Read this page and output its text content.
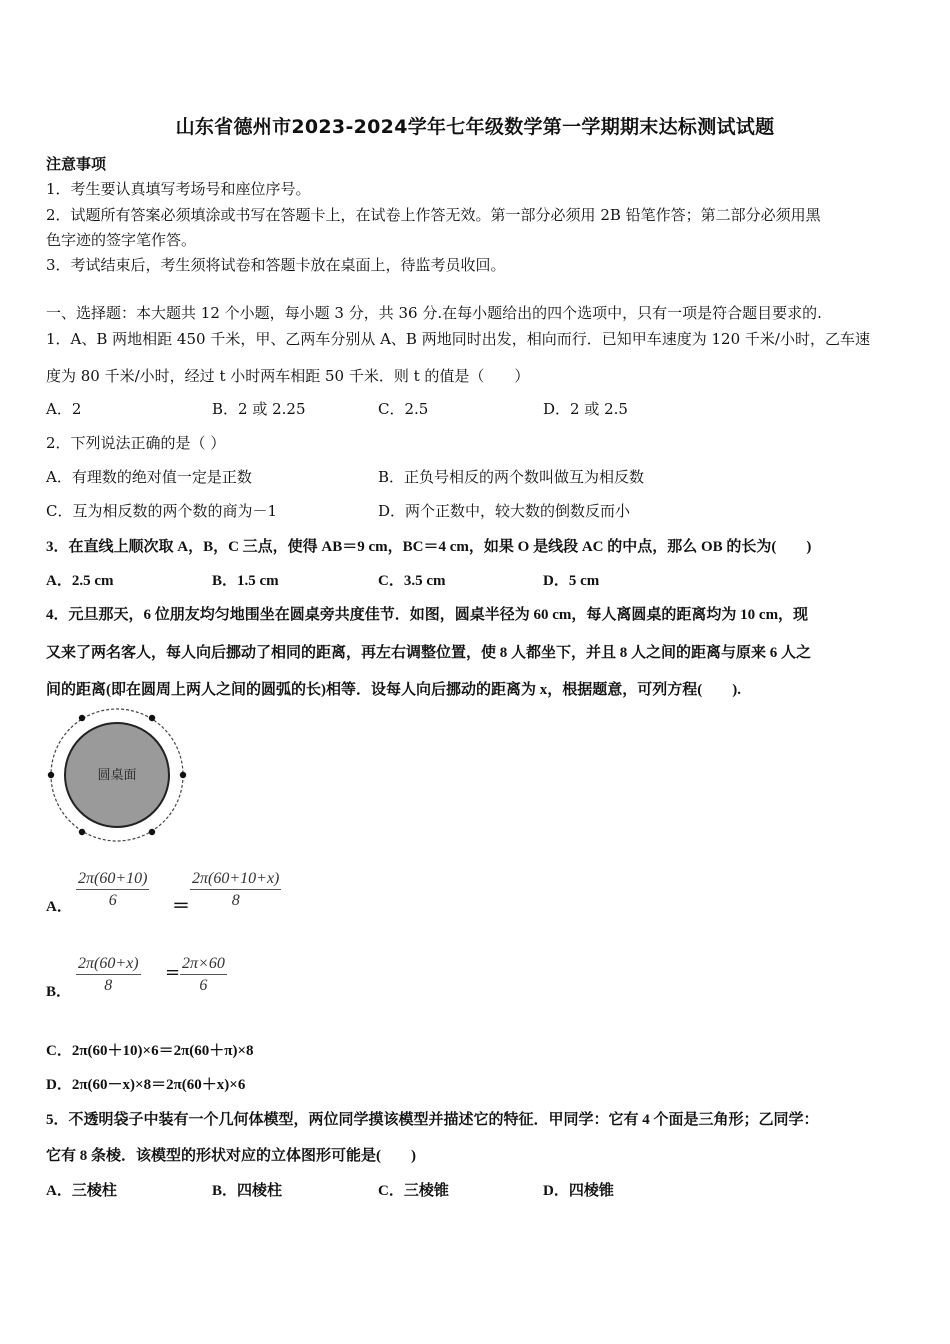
山东省德州市2023-2024学年七年级数学第一学期期末达标测试试题
注意事项
1．考生要认真填写考场号和座位序号。
2．试题所有答案必须填涂或书写在答题卡上，在试卷上作答无效。第一部分必须用 2B 铅笔作答；第二部分必须用黑
色字迹的签字笔作答。
3．考试结束后，考生须将试卷和答题卡放在桌面上，待监考员收回。
一、选择题：本大题共 12 个小题，每小题 3 分，共 36 分.在每小题给出的四个选项中，只有一项是符合题目要求的.
1．A、B 两地相距 450 千米，甲、乙两车分别从 A、B 两地同时出发，相向而行．已知甲车速度为 120 千米/小时，乙车速
度为 80 千米/小时，经过 t 小时两车相距 50 千米．则 t 的值是（　　）
A．2	B．2 或 2.25	C．2.5	D．2 或 2.5
2．下列说法正确的是（ ）
A．有理数的绝对值一定是正数	B．正负号相反的两个数叫做互为相反数
C．互为相反数的两个数的商为－1	D．两个正数中，较大数的倒数反而小
3．在直线上顺次取 A，B，C 三点，使得 AB＝9 cm，BC＝4 cm，如果 O 是线段 AC 的中点，那么 OB 的长为(　　)
A．2.5 cm	B．1.5 cm	C．3.5 cm	D．5 cm
4．元旦那天，6 位朋友均匀地围坐在圆桌旁共度佳节．如图，圆桌半径为 60 cm，每人离圆桌的距离均为 10 cm，现
又来了两名客人，每人向后挪动了相同的距离，再左右调整位置，使 8 人都坐下，并且 8 人之间的距离与原来 6 人之
间的距离(即在圆周上两人之间的圆弧的长)相等．设每人向后挪动的距离为 x，根据题意，可列方程(　　).
圆桌面
A． $\frac{2\pi(60+10)}{6} = \frac{2\pi(60+10+x)}{8}$
B． $\frac{2\pi(60+x)}{8} = \frac{2\pi\times 60}{6}$
C．2π(60＋10)×6＝2π(60＋π)×8
D．2π(60－x)×8＝2π(60＋x)×6
5．不透明袋子中装有一个几何体模型，两位同学摸该模型并描述它的特征．甲同学：它有 4 个面是三角形；乙同学：
它有 8 条棱．该模型的形状对应的立体图形可能是(　　)
A．三棱柱	B．四棱柱	C．三棱锥	D．四棱锥
